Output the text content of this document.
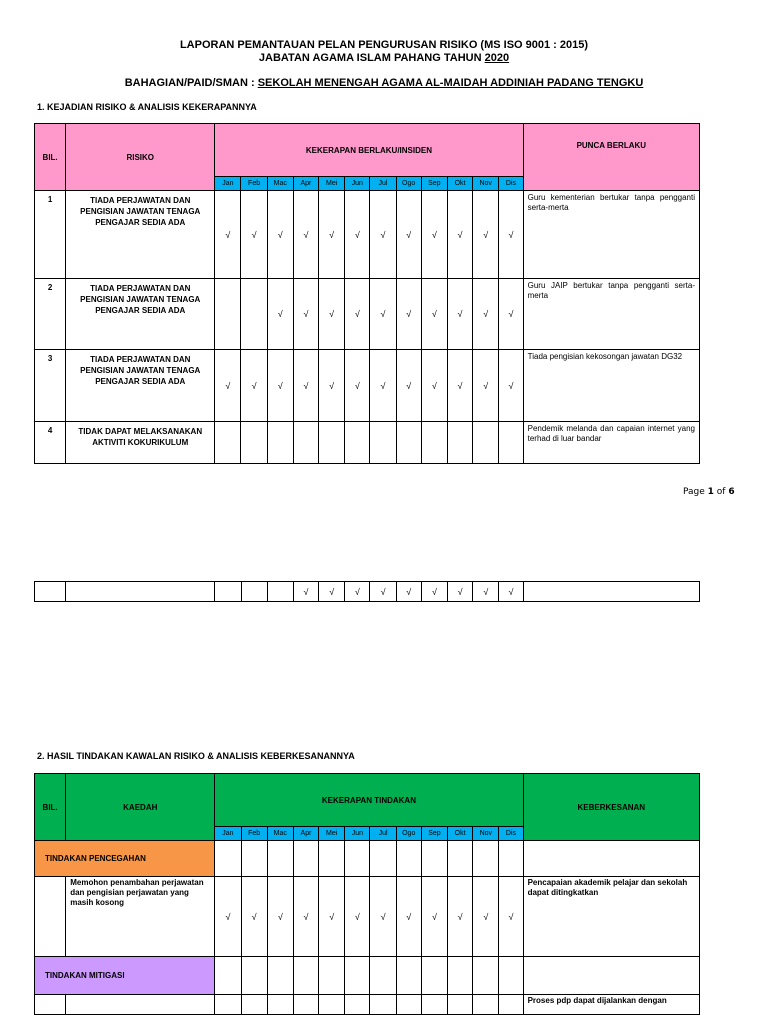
LAPORAN PEMANTAUAN PELAN PENGURUSAN RISIKO (MS ISO 9001 : 2015)
JABATAN AGAMA ISLAM PAHANG TAHUN 2020
BAHAGIAN/PAID/SMAN : SEKOLAH MENENGAH AGAMA AL-MAIDAH ADDINIAH PADANG TENGKU
1. KEJADIAN RISIKO & ANALISIS KEKERAPANNYA
BIL.	RISIKO	KEKERAPAN BERLAKU/INSIDEN												PUNCA BERLAKU
		Jan	Feb	Mac	Apr	Mei	Jun	Jul	Ogo	Sep	Okt	Nov	Dis	
1	TIADA PERJAWATAN DAN PENGISIAN JAWATAN TENAGA PENGAJAR SEDIA ADA	√	√	√	√	√	√	√	√	√	√	√	√	Guru kementerian bertukar tanpa pengganti serta-merta
2	TIADA PERJAWATAN DAN PENGISIAN JAWATAN TENAGA PENGAJAR SEDIA ADA			√	√	√	√	√	√	√	√	√	√	Guru JAIP bertukar tanpa pengganti serta-merta
3	TIADA PERJAWATAN DAN PENGISIAN JAWATAN TENAGA PENGAJAR SEDIA ADA	√	√	√	√	√	√	√	√	√	√	√	√	Tiada pengisian kekosongan jawatan DG32
4	TIDAK DAPAT MELAKSANAKAN AKTIVITI KOKURIKULUM													Pendemik melanda dan capaian internet yang terhad di luar bandar
Page 1 of 6
					√	√	√	√	√	√	√	√	√	
2. HASIL TINDAKAN KAWALAN RISIKO & ANALISIS KEBERKESANANNYA
BIL.	KAEDAH	KEKERAPAN TINDAKAN												KEBERKESANAN
		Jan	Feb	Mac	Apr	Mei	Jun	Jul	Ogo	Sep	Okt	Nov	Dis	
TINDAKAN PENCEGAHAN														
	Memohon penambahan perjawatan dan pengisian perjawatan yang masih kosong	√	√	√	√	√	√	√	√	√	√	√	√	Pencapaian akademik pelajar dan sekolah dapat ditingkatkan
TINDAKAN MITIGASI														
														Proses pdp dapat dijalankan dengan
